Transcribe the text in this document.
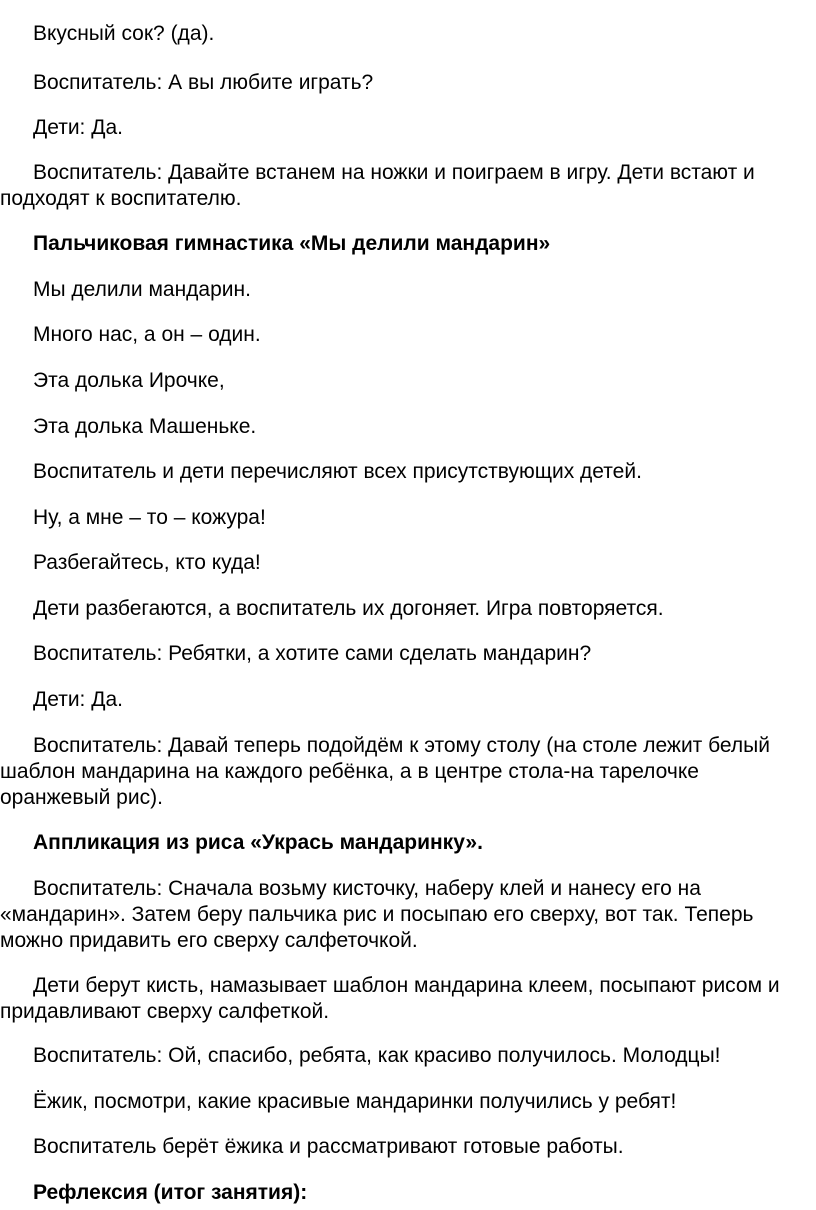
Вкусный сок? (да).

Воспитатель: А вы любите играть?

Дети: Да.

Воспитатель: Давайте встанем на ножки и поиграем в игру. Дети встают и подходят к воспитателю.

Пальчиковая гимнастика «Мы делили мандарин»

Мы делили мандарин.

Много нас, а он – один.

Эта долька Ирочке,

Эта долька Машеньке.

Воспитатель и дети перечисляют всех присутствующих детей.

Ну, а мне – то – кожура!

Разбегайтесь, кто куда!

Дети разбегаются, а воспитатель их догоняет. Игра повторяется.

Воспитатель: Ребятки, а хотите сами сделать мандарин?

Дети: Да.

Воспитатель: Давай теперь подойдём к этому столу (на столе лежит белый шаблон мандарина на каждого ребёнка, а в центре стола-на тарелочке оранжевый рис).

Аппликация из риса «Укрась мандаринку».

Воспитатель: Сначала возьму кисточку, наберу клей и нанесу его на «мандарин». Затем беру пальчика рис и посыпаю его сверху, вот так. Теперь можно придавить его сверху салфеточкой.

Дети берут кисть, намазывает шаблон мандарина клеем, посыпают рисом и придавливают сверху салфеткой.

Воспитатель: Ой, спасибо, ребята, как красиво получилось. Молодцы!

Ёжик, посмотри, какие красивые мандаринки получились у ребят!

Воспитатель берёт ёжика и рассматривают готовые работы.

Рефлексия (итог занятия):
